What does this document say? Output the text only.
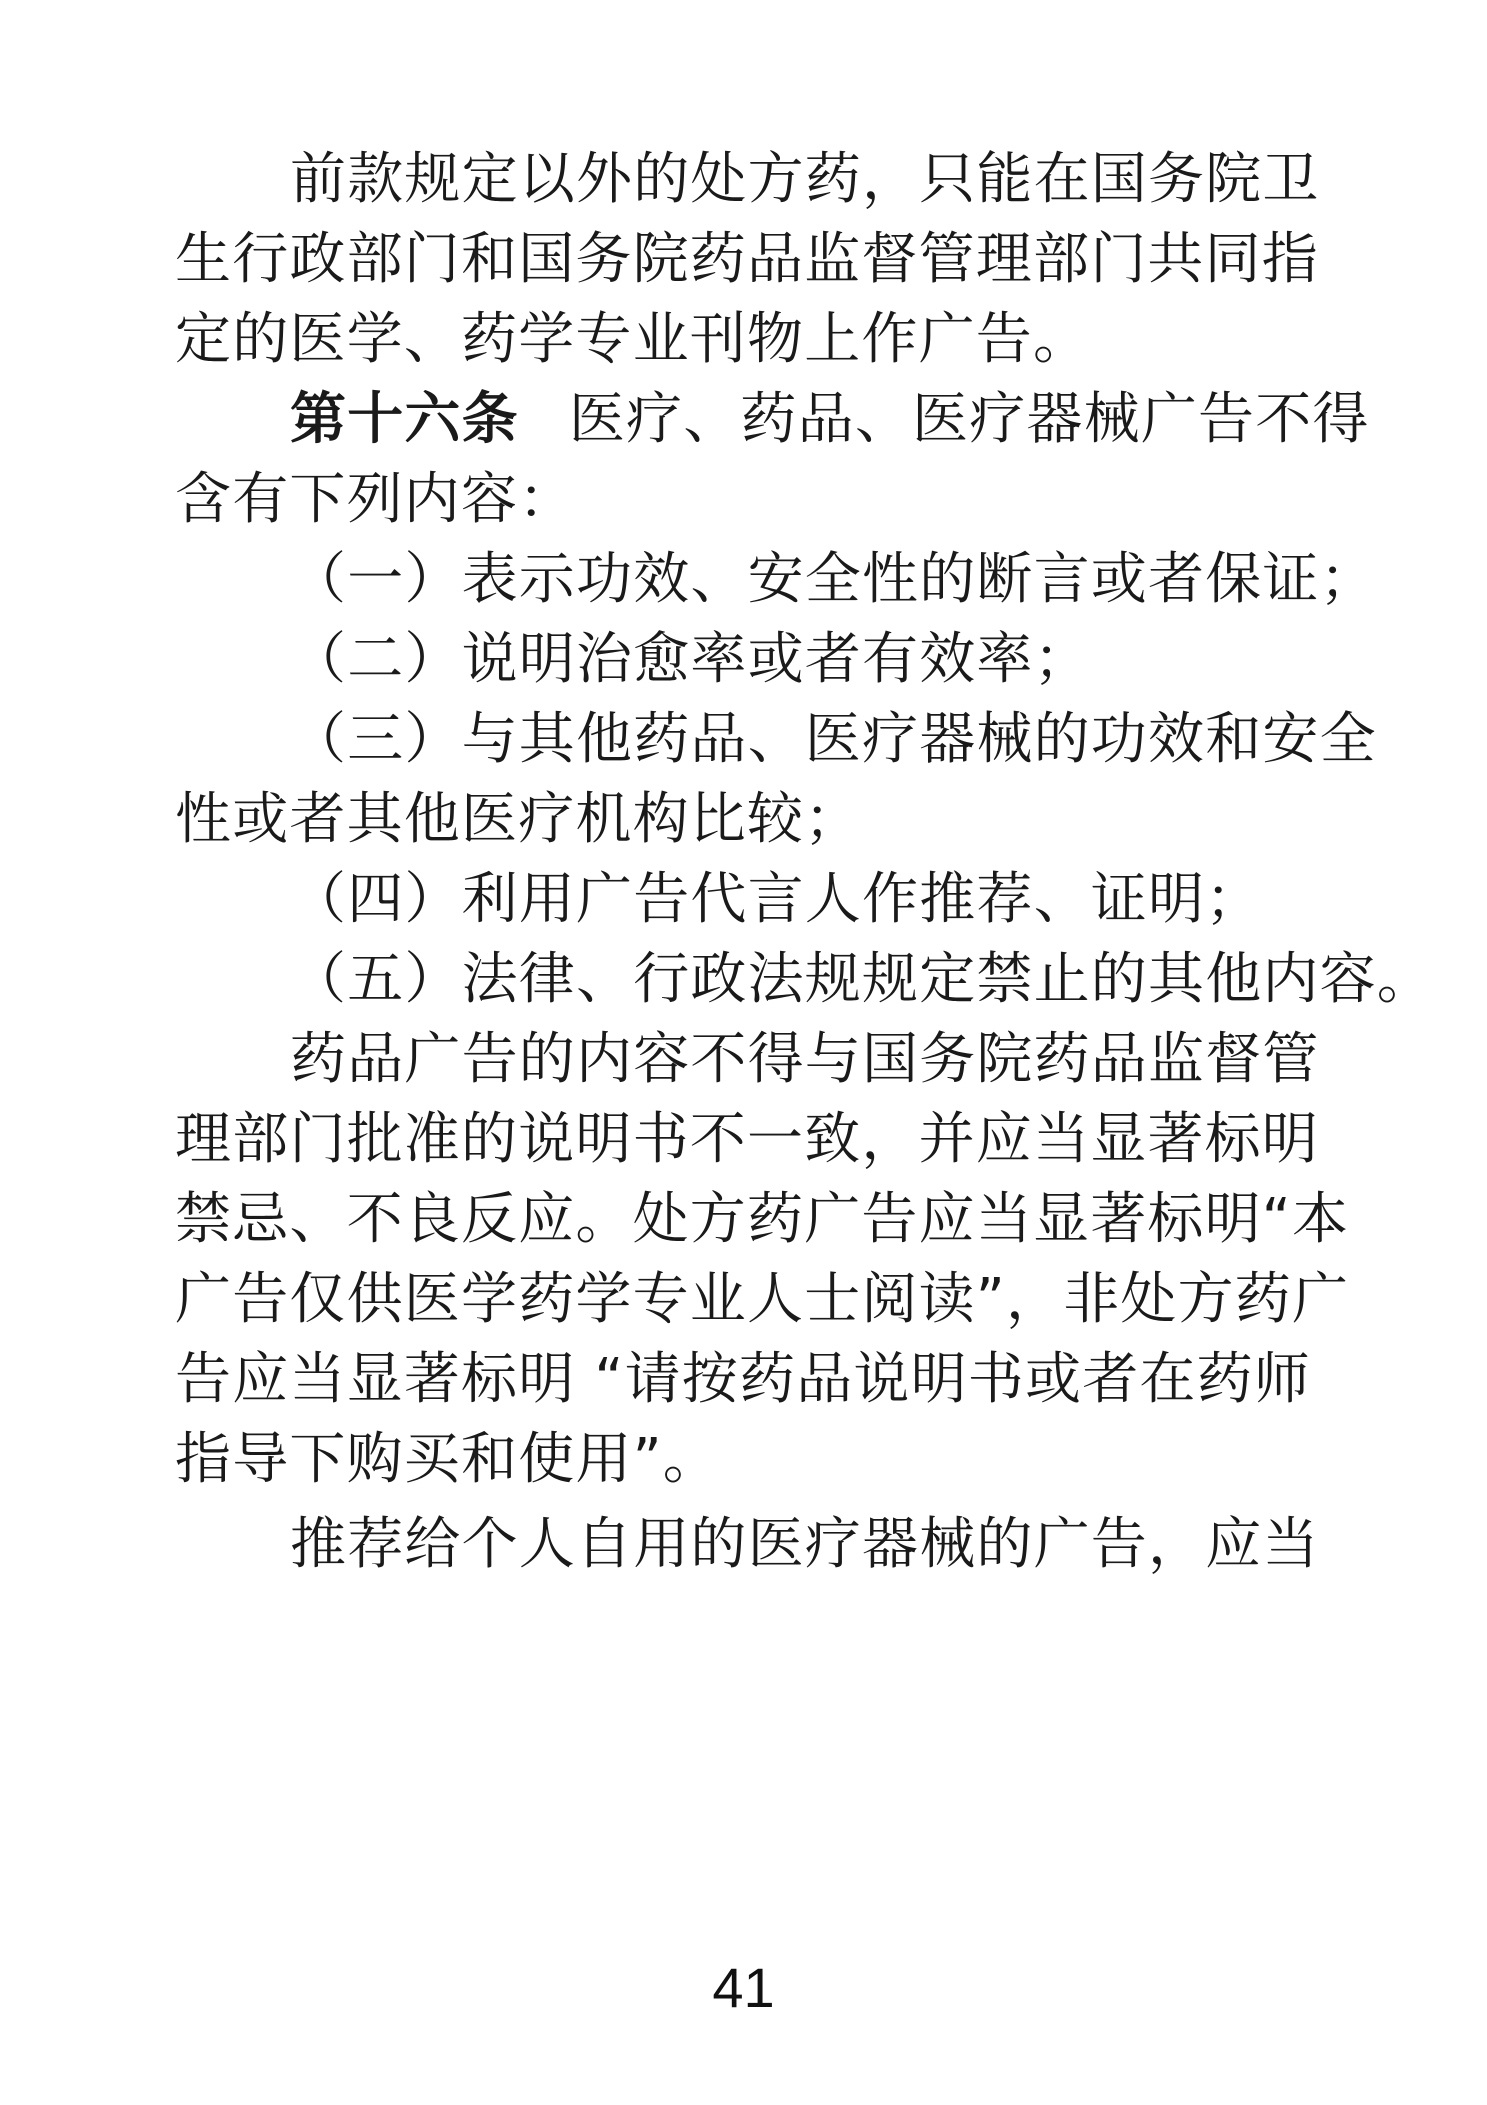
前款规定以外的处方药，只能在国务院卫
生行政部门和国务院药品监督管理部门共同指
定的医学、药学专业刊物上作广告。
第十六条 医疗、药品、医疗器械广告不得
含有下列内容：
（一）表示功效、安全性的断言或者保证；
（二）说明治愈率或者有效率；
（三）与其他药品、医疗器械的功效和安全
性或者其他医疗机构比较；
（四）利用广告代言人作推荐、证明；
（五）法律、行政法规规定禁止的其他内容。
药品广告的内容不得与国务院药品监督管
理部门批准的说明书不一致，并应当显著标明
禁忌、不良反应。处方药广告应当显著标明“本
广告仅供医学药学专业人士阅读”，非处方药广
告应当显著标明 “请按药品说明书或者在药师
指导下购买和使用”。
推荐给个人自用的医疗器械的广告，应当
41
